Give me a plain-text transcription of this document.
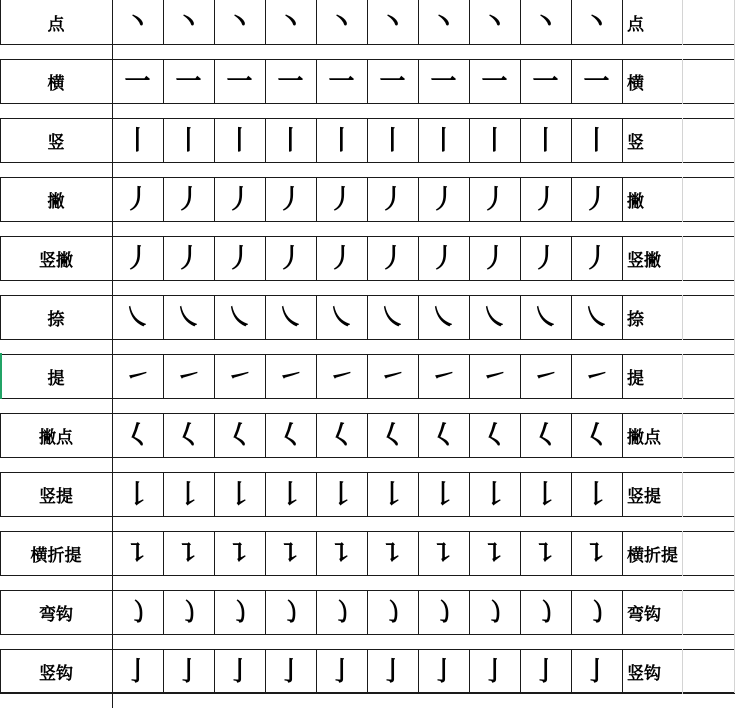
点	丶 丶 丶 丶 丶 丶 丶 丶 丶 丶	点
横	一 一 一 一 一 一 一 一 一 一	横
竖	丨 丨 丨 丨 丨 丨 丨 丨 丨 丨	竖
撇	丿 丿 丿 丿 丿 丿 丿 丿 丿 丿	撇
竖撇	丿 丿 丿 丿 丿 丿 丿 丿 丿 丿	竖撇
捺	㇏ ㇏ ㇏ ㇏ ㇏ ㇏ ㇏ ㇏ ㇏ ㇏	捺
提	㇀ ㇀ ㇀ ㇀ ㇀ ㇀ ㇀ ㇀ ㇀ ㇀	提
撇点	𡿨 𡿨 𡿨 𡿨 𡿨 𡿨 𡿨 𡿨 𡿨 𡿨	撇点
竖提	𠄌 𠄌 𠄌 𠄌 𠄌 𠄌 𠄌 𠄌 𠄌 𠄌	竖提
横折提	㇊ ㇊ ㇊ ㇊ ㇊ ㇊ ㇊ ㇊ ㇊ ㇊	横折提
弯钩	㇁ ㇁ ㇁ ㇁ ㇁ ㇁ ㇁ ㇁ ㇁ ㇁	弯钩
竖钩	亅 亅 亅 亅 亅 亅 亅 亅 亅 亅	竖钩
